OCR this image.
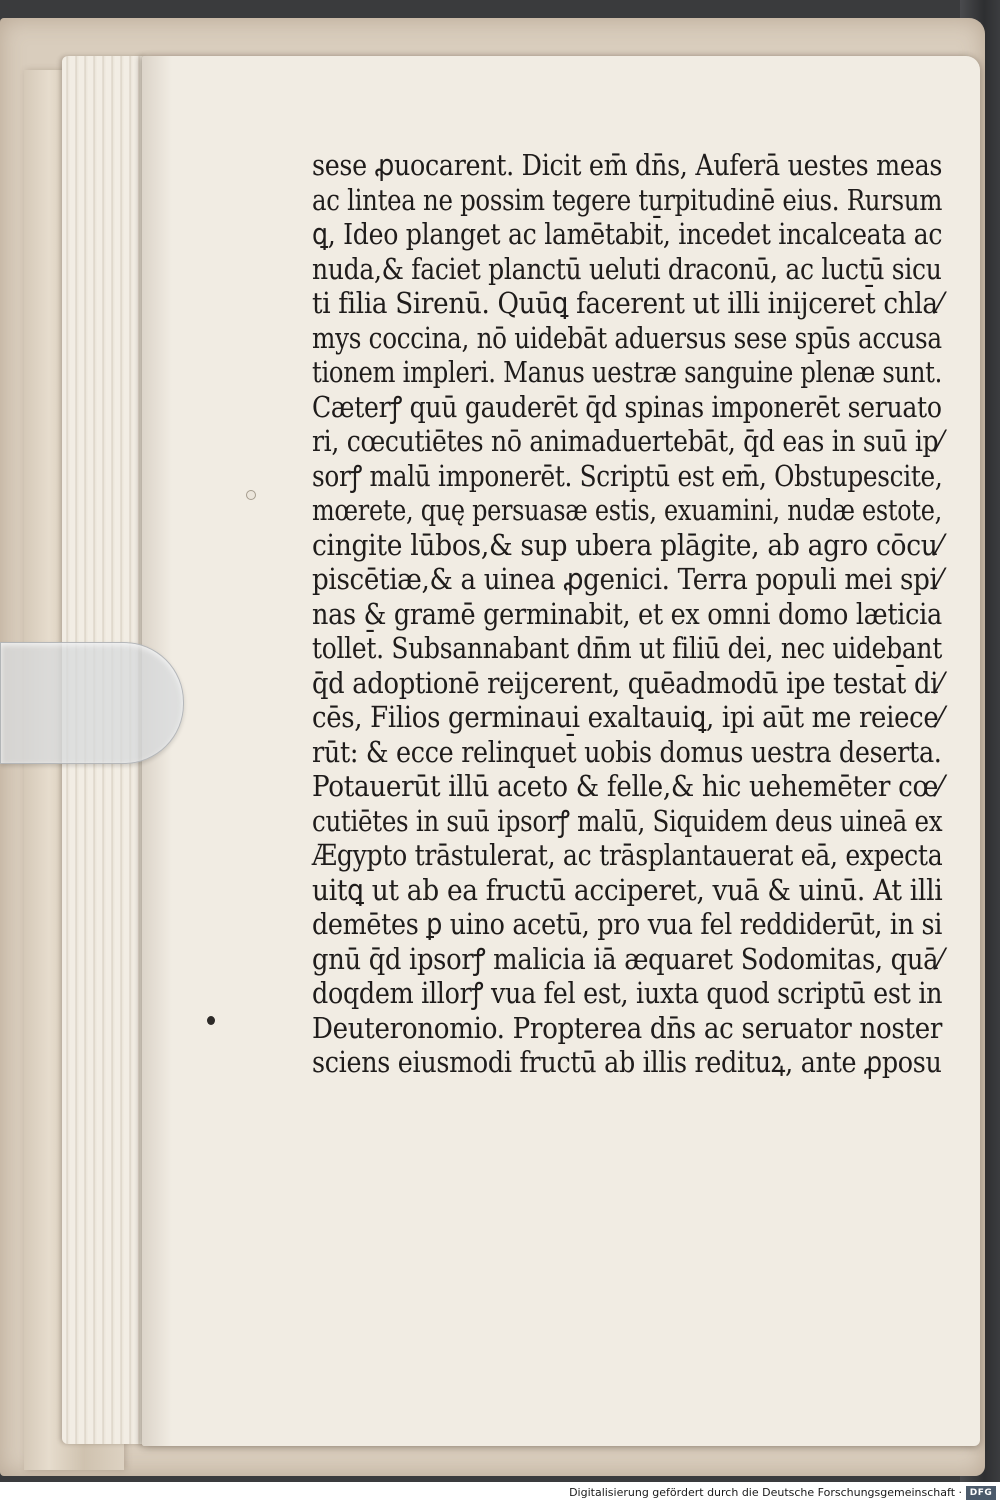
sese ꝓuocarent. Dicit em̄ dn̄s, Auferā uestes meas
ac lintea ne possim tegere turpitudinē eius. Rursum
ꝗ, Ideo planget ac lamētabit̄, incedet incalceata ac
nuda,& faciet planctū ueluti draconū, ac luctū sicu
ti filia Sirenū. Quūꝗ facerent ut illi inijceret̄ chla⁄
mys coccina, nō uidebāt aduersus sese spūs accusa
tionem impleri. Manus uestræ sanguine plenæ sunt.
Cæterꝭ quū gauderēt q̄d spinas imponerēt seruato
ri, cœcutiētes nō animaduertebāt, q̄d eas in suū ip⁄
sorꝭ malū imponerēt. Scriptū est em̄, Obstupescite,
mœrete, quę persuasæ estis, exuamini, nudæ estote,
cingite lūbos,& sup ubera plāgite, ab agro cōcu⁄
piscētiæ,& a uinea ꝓgenici. Terra populi mei spi⁄
nas & gramē germinabit, et ex omni domo læticia
tollet̄. Subsannabant dn̄m ut filiū dei, nec uidebant
q̄d adoptionē reijcerent, quēadmodū ipe testat̄ di⁄
cēs, Filios germinaui exaltauiꝗ, ipi aūt me reiece⁄
rūt: & ecce relinquet̄ uobis domus uestra deserta.
Potauerūt illū aceto & felle,& hic uehemēter cœ⁄
cutiētes in suū ipsorꝭ malū, Siquidem deus uineā ex
Ægypto trāstulerat, ac trāsplantauerat eā, expecta
uitꝗ ut ab ea fructū acciperet, vuā & uinū. At illi
demētes ꝑ uino acetū, pro vua fel reddiderūt, in si
gnū q̄d ipsorꝭ malicia iā æquaret Sodomitas, quā⁄
doqdem illorꝭ vua fel est, iuxta quod scriptū est in
Deuteronomio. Propterea dn̄s ac seruator noster
sciens eiusmodi fructū ab illis redituꝝ, ante ꝓposu
Digitalisierung gefördert durch die Deutsche Forschungsgemeinschaft · DFG
